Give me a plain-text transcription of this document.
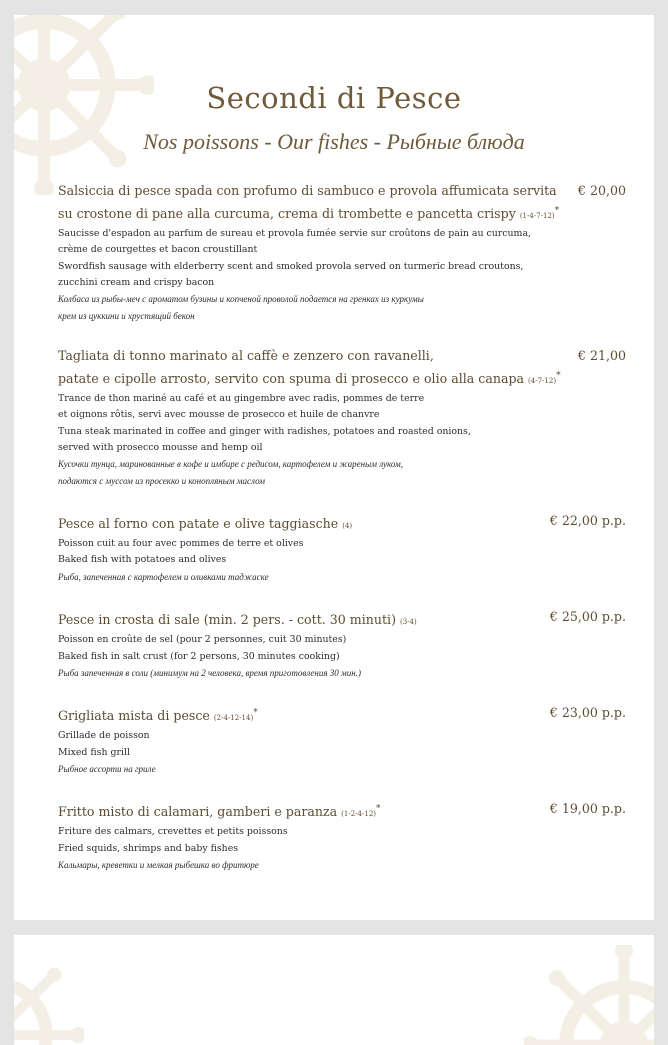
Secondi di Pesce
Nos poissons - Our fishes - Рыбные блюда
Salsiccia di pesce spada con profumo di sambuco e provola affumicata servita
su crostone di pane alla curcuma, crema di trombette e pancetta crispy (1-4-7-12)*
€ 20,00
Saucisse d'espadon au parfum de sureau et provola fumée servie sur croûtons de pain au curcuma,
crème de courgettes et bacon croustillant
Swordfish sausage with elderberry scent and smoked provola served on turmeric bread croutons,
zucchini cream and crispy bacon
Колбаса из рыбы-меч с ароматом бузины и копченой проволой подается на гренках из куркумы
крем из цуккини и хрустящий бекон
Tagliata di tonno marinato al caffè e zenzero con ravanelli,
patate e cipolle arrosto, servito con spuma di prosecco e olio alla canapa (4-7-12)*
€ 21,00
Trance de thon mariné au café et au gingembre avec radis, pommes de terre
et oignons rôtis, servi avec mousse de prosecco et huile de chanvre
Tuna steak marinated in coffee and ginger with radishes, potatoes and roasted onions,
served with prosecco mousse and hemp oil
Кусочки тунца, маринованные в кофе и имбире с редисом, картофелем и жареным луком,
подаются с муссом из просекко и конопляным маслом
Pesce al forno con patate e olive taggiasche (4)	€ 22,00 p.p.
Poisson cuit au four avec pommes de terre et olives
Baked fish with potatoes and olives
Рыба, запеченная с картофелем и оливками таджаске
Pesce in crosta di sale (min. 2 pers. - cott. 30 minuti) (3-4)	€ 25,00 p.p.
Poisson en croûte de sel (pour 2 personnes, cuit 30 minutes)
Baked fish in salt crust (for 2 persons, 30 minutes cooking)
Рыба запеченная в соли (минимум на 2 человека, время приготовления 30 мин.)
Grigliata mista di pesce (2-4-12-14)*	€ 23,00 p.p.
Grillade de poisson
Mixed fish grill
Рыбное ассорти на гриле
Fritto misto di calamari, gamberi e paranza (1-2-4-12)*	€ 19,00 p.p.
Friture des calmars, crevettes et petits poissons
Fried squids, shrimps and baby fishes
Кальмары, креветки и мелкая рыбешка во фритюре
